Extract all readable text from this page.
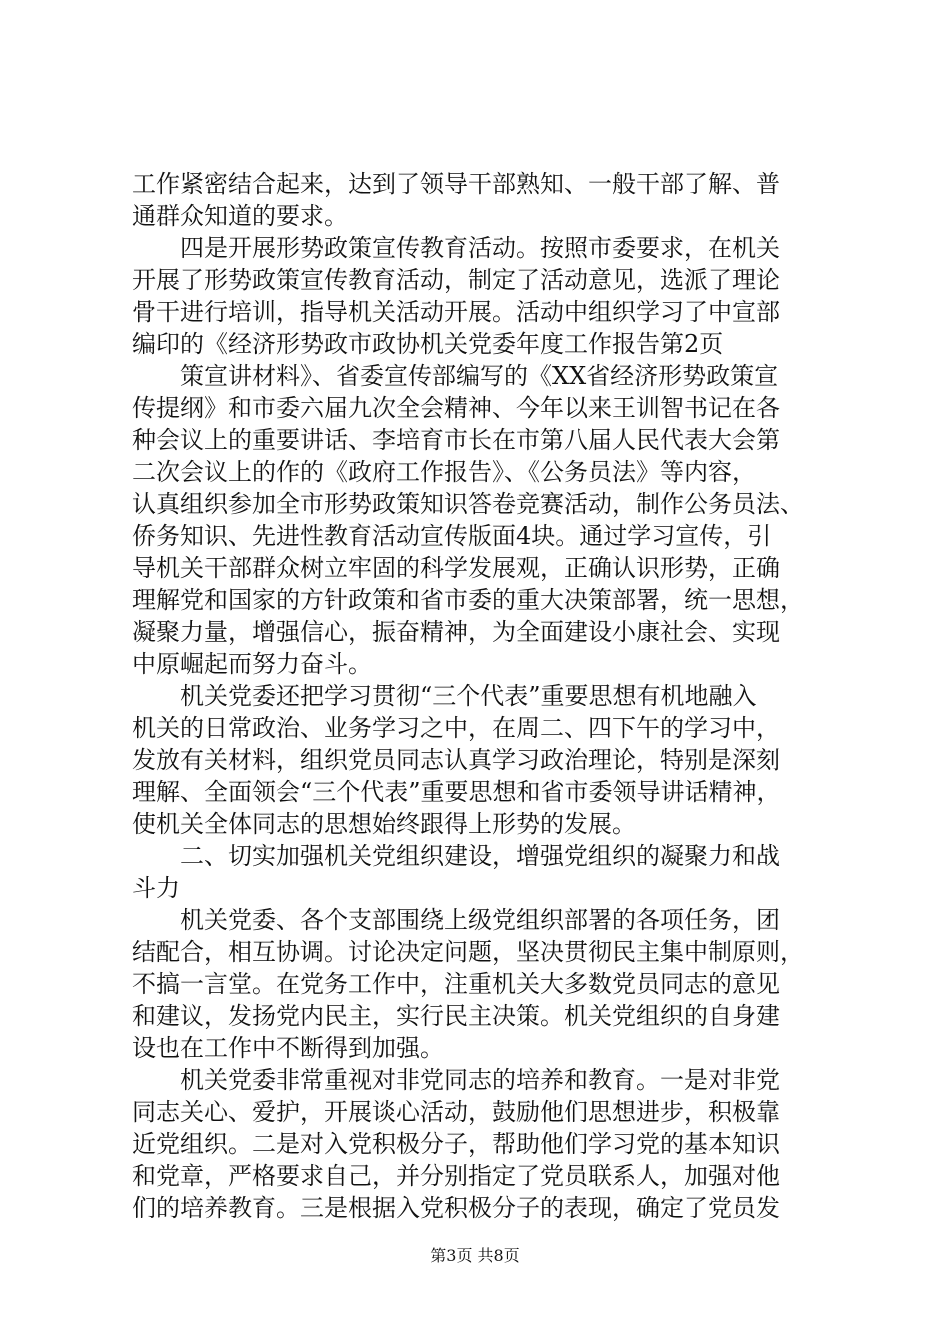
工作紧密结合起来，达到了领导干部熟知、一般干部了解、普
通群众知道的要求。
　　四是开展形势政策宣传教育活动。按照市委要求，在机关
开展了形势政策宣传教育活动，制定了活动意见，选派了理论
骨干进行培训，指导机关活动开展。活动中组织学习了中宣部
编印的《经济形势政市政协机关党委年度工作报告第2页
　　策宣讲材料》、省委宣传部编写的《XX省经济形势政策宣
传提纲》和市委六届九次全会精神、今年以来王训智书记在各
种会议上的重要讲话、李培育市长在市第八届人民代表大会第
二次会议上的作的《政府工作报告》、《公务员法》等内容，
认真组织参加全市形势政策知识答卷竞赛活动，制作公务员法、
侨务知识、先进性教育活动宣传版面4块。通过学习宣传，引
导机关干部群众树立牢固的科学发展观，正确认识形势，正确
理解党和国家的方针政策和省市委的重大决策部署，统一思想，
凝聚力量，增强信心，振奋精神，为全面建设小康社会、实现
中原崛起而努力奋斗。
　　机关党委还把学习贯彻“三个代表”重要思想有机地融入
机关的日常政治、业务学习之中，在周二、四下午的学习中，
发放有关材料，组织党员同志认真学习政治理论，特别是深刻
理解、全面领会“三个代表”重要思想和省市委领导讲话精神，
使机关全体同志的思想始终跟得上形势的发展。
　　二、切实加强机关党组织建设，增强党组织的凝聚力和战
斗力
　　机关党委、各个支部围绕上级党组织部署的各项任务，团
结配合，相互协调。讨论决定问题，坚决贯彻民主集中制原则，
不搞一言堂。在党务工作中，注重机关大多数党员同志的意见
和建议，发扬党内民主，实行民主决策。机关党组织的自身建
设也在工作中不断得到加强。
　　机关党委非常重视对非党同志的培养和教育。一是对非党
同志关心、爱护，开展谈心活动，鼓励他们思想进步，积极靠
近党组织。二是对入党积极分子，帮助他们学习党的基本知识
和党章，严格要求自己，并分别指定了党员联系人，加强对他
们的培养教育。三是根据入党积极分子的表现，确定了党员发
第3页 共8页
